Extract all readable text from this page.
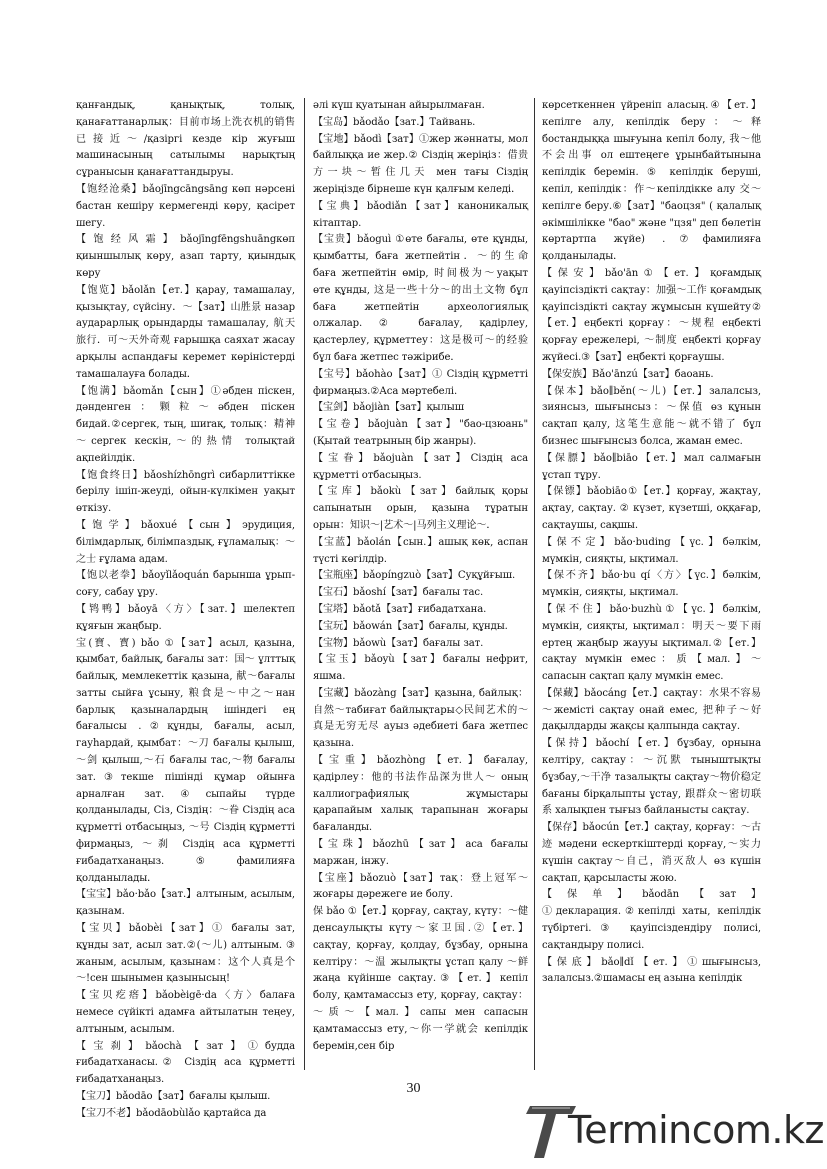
қанғандық, қанықтық, толық, қанағаттанарлық：目前市场上洗衣机的销售已接近～/қазіргі кезде кір жуғыш машинасының сатылымы нарықтың сұранысын қанағаттандыруы.

【饱经沧桑】bǎojīngcāngsāng көп нәрсені бастан кешіру кермегенді көру, қасірет шегу.

【饱经风霜】bǎojīngfēngshuāngкөп қиыншылық көру, азап тарту, қиындық көру

【饱览】bǎolǎn【ет.】қарау, тамашалау, қызықтау, сүйсіну．～【зат】山胜景 назар аударарлық орындарды тамашалау, 航天旅行．可～天外奇观 ғарышқа саяхат жасау арқылы аспандағы керемет көріністерді тамашалауға болады．

【饱满】bǎomǎn【сын】①әбден піскен, дәнденген：颗粒～әбден піскен бидай.②сергек, тың, шиrақ, толық：精神～сергек кескін,～的热情 толықтай ақпейілдік.

【饱食终日】bǎoshízhōngrì сибарлиттікке берілу ішіп-жеуді, ойын-күлкімен уақыт өткізу.

【饱学】bǎoxué【сын】эрудиция, білімдарлық, білімпаздық, ғұламалық：～之士 ғұлама адам.

【饱以老拳】bǎoyǐlǎoquán барынша ұрып-соғу, сабау ұру.

【鸨鸭】bǎoyā〈方〉【зат.】шелектеп құяғын жаңбыр.

宝(寶、寳) bǎo ①【зат】асыл, қазына, қымбат, байлық, бағалы зат：国～ ұлттық байлық, мемлекеттік қазына, 献～бағалы затты сыйға ұсыну, 粮食是～中之～нан барлық қазыналардың ішіндегі ең бағалысы .②құнды, бағалы, асыл, гауһардай, қымбат：～刀 бағалы қылыш,～剑 қылыш,～石 бағалы тас,～物 бағалы зат.③текше пішінді құмар ойынға арналған зат.④сыпайы түрде қолданылады, Сіз, Сіздің：～眷 Сіздің аса құрметті отбасыңыз, ～号 Сіздің құрметті фирмаңыз, ～刹 Сіздің аса құрметті ғибадатханаңыз.⑤фамилияға қолданылады．

【宝宝】bǎo·bǎo【зат.】алтыным, асылым, қазынам.

【宝贝】bǎobèi【зат】① бағалы зат, құнды зат, асыл зат.②(～儿) алтыным. ③ жаным, асылым, қазынам：这个人真是个～!сен шынымен қазынысың!

【宝贝疙瘩】bǎobèigē·da〈方〉балаға немесе сүйікті адамға айтылатын теңеу, алтыным, асылым.

【宝刹】bǎochà【зат】①будда ғибадатханасы.② Сіздің аса құрметті ғибадатханаңыз.

【宝刀】bǎodāo【зат】бағалы қылыш.

【宝刀不老】bǎodāobùlǎo қартайса да

әлі күш қуатынан айырылмаған.

【宝岛】bǎodǎo【зат.】Тайвань.

【宝地】bǎodì【зат】①жер жәннаты, мол байлыққа ие жер.② Сіздің жеріңіз：借贵方一块～暂住几天 мен тағы Сіздің жеріңізде бірнеше күн қалғым келеді．

【宝典】bǎodiǎn【зат】каноникалық кітаптар.

【宝贵】bǎoguì ①өте бағалы, өте құнды, қымбатты, баға жетпейтін．～的生命 баға жетпейтін өмір, 时间极为～уақыт өте құнды, 这是一些十分～的出土文物 бұл баға жетпейтін археологиялық олжалар. ② бағалау, қадірлеу, қастерлеу, құрметтеу：这是极可～的经验 бұл баға жетпес тәжірибе．

【宝号】bǎohào【зат】① Сіздің құрметті фирмаңыз.②Аса мәртебелі.

【宝剑】bǎojiàn【зат】қылыш

【宝卷】bǎojuàn【зат】"бао-цзюань" (Қытай театрының бір жанры).

【宝眷】bǎojuàn【зат】Сіздің аса құрметті отбасыңыз.

【宝库】bǎokù【зат】байлық қоры сапынатын орын, қазына тұратын орын：知识～|艺术～|马列主义理论～．

【宝蓝】bǎolán【сын.】ашық көк, аспан түсті көгілдір.

【宝瓶座】bǎopíngzuò【зат】Суқұйғыш.

【宝石】bǎoshí【зат】бағалы тас.

【宝塔】bǎotǎ【зат】ғибадатхана.

【宝玩】bǎowán【зат】бағалы, құнды.

【宝物】bǎowù【зат】бағалы зат.

【宝玉】bǎoyù【зат】бағалы нефрит, яшма.

【宝藏】bǎozàng【зат】қазына, байлық：自然～табиғат байлықтары◇民间艺术的～真是无穷无尽 ауыз әдебиеті баға жетпес қазына.

【宝重】bǎozhòng【ет.】бағалау, қадірлеу：他的书法作品深为世人～ оның каллиографиялық жұмыстары қарапайым халық тарапынан жоғары бағаланды.

【宝珠】bǎozhū【зат】аса бағалы маржан, інжу.

【宝座】bǎozuò【зат】тақ：登上冠军～жоғары дәрежеге ие болу.

保 bǎo ①【ет.】қорғау, сақтау, күту：～健 денсаулықты күту～家卫国.②【ет.】сақтау, қорғау, қолдау, бұзбау, орнына келтіру：～温 жылықты ұстап қалу ～鲜 жаңа күйінше сақтау.③【ет.】кепіл болу, қамтамассыз ету, қорғау, сақтау：～质～【мал.】сапы мен сапасын қамтамассыз ету,～你一学就会 кепілдік беремін,сен бір

көрсеткеннен үйреніп аласың.④【ет.】кепілге алу, кепілдік беру：～释 бостандыққа шығуына кепіл болу, 我～他不会出事 ол ештеңеге ұрынбайтынына кепілдік беремін. ⑤ кепілдік беруші, кепіл, кепілдік：作～кепілдікке алу 交～кепілге беру.⑥【зат】"баоцзя" ( қалалық әкімшілікке "бао" және "цзя" деп бөлетін көртартпа жүйе) .⑦фамилияға қолданылады．

【保安】bǎo'ān①【ет.】қоғамдық қауіпсіздікті сақтау：加强～工作 қоғамдық қауіпсіздікті сақтау жұмысын күшейту②【ет.】еңбекті қорғау：～规程 еңбекті қорғау ережелері, ～制度 еңбекті қорғау жүйесі.③【зат】еңбекті қорғаушы.

【保安族】Bǎo'ānzú【зат】баоань.

【保本】bǎo∥běn(～儿)【ет.】залалсыз, зиянсыз, шығынсыз：～保值 өз құнын сақтап қалу, 这笔生意能～就不错了 бұл бизнес шығынсыз болса, жаман емес.

【保膘】bǎo∥biāo【ет.】мал салмағын ұстап тұру.

【保镖】bǎobiāo①【ет.】қорғау, жақтау, ақтау, сақтау. ② күзет, күзетші, оққағар, сақтаушы, сақшы.

【保不定】bǎo·buding【үс.】бәлкім, мүмкін, сияқты, ықтимал.

【保不齐】bǎo·bu qí〈方〉【үс.】бәлкім, мүмкін, сияқты, ықтимал.

【保不住】bǎo·buzhù①【үс.】бәлкім, мүмкін, сияқты, ықтимал：明天～要下雨 ертең жаңбыр жаууы ықтимал.②【ет.】сақтау мүмкін емес：质【мал.】～сапасын сақтап қалу мүмкін емес.

【保藏】bǎocáng【ет.】сақтау：水果不容易～жемісті сақтау онай емес, 把种子～好 дақылдарды жақсы қалпында сақтау.

【保持】bǎochí【ет.】бұзбау, орнына келтіру, сақтау：～沉默 тыныштықты бұзбау,～干净 тазалықты сақтау～物价稳定 бағаны бірқалыпты ұстау, 跟群众～密切联系 халықпен тығыз байланысты сақтау.

【保存】bǎocún【ет.】сақтау, қорғау：～古迹 мәдени ескерткіштерді қорғау,～实力 күшін сақтау～自己，消灭敌人 өз күшін сақтап, қарсыласты жою.

【保单】bǎodān【зат】①декларация.②кепілді хаты, кепілдік түбіртегі.③ қауіпсіздендіру полисі, сақтандыру полисі.

【保底】bǎo∥dǐ【ет.】①шығынсыз, залалсыз.②шамасы ең азына кепілдік

30
Termincom.kz
